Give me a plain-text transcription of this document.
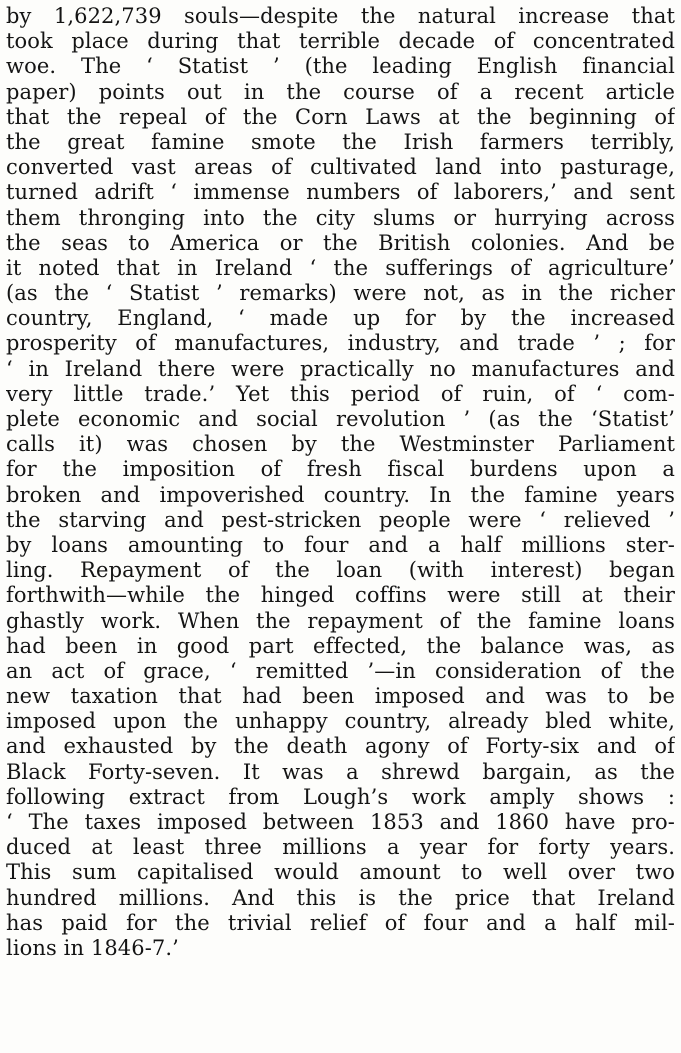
by 1,622,739 souls—despite the natural increase that
took place during that terrible decade of concentrated
woe. The ‘ Statist ’ (the leading English financial
paper) points out in the course of a recent article
that the repeal of the Corn Laws at the beginning of
the great famine smote the Irish farmers terribly,
converted vast areas of cultivated land into pasturage,
turned adrift ‘ immense numbers of laborers,’ and sent
them thronging into the city slums or hurrying across
the seas to America or the British colonies. And be
it noted that in Ireland ‘ the sufferings of agriculture’
(as the ‘ Statist ’ remarks) were not, as in the richer
country, England, ‘ made up for by the increased
prosperity of manufactures, industry, and trade ’ ; for
‘ in Ireland there were practically no manufactures and
very little trade.’ Yet this period of ruin, of ‘ com-
plete economic and social revolution ’ (as the ‘Statist’
calls it) was chosen by the Westminster Parliament
for the imposition of fresh fiscal burdens upon a
broken and impoverished country. In the famine years
the starving and pest-stricken people were ‘ relieved ’
by loans amounting to four and a half millions ster-
ling. Repayment of the loan (with interest) began
forthwith—while the hinged coffins were still at their
ghastly work. When the repayment of the famine loans
had been in good part effected, the balance was, as
an act of grace, ‘ remitted ’—in consideration of the
new taxation that had been imposed and was to be
imposed upon the unhappy country, already bled white,
and exhausted by the death agony of Forty-six and of
Black Forty-seven. It was a shrewd bargain, as the
following extract from Lough’s work amply shows :
‘ The taxes imposed between 1853 and 1860 have pro-
duced at least three millions a year for forty years.
This sum capitalised would amount to well over two
hundred millions. And this is the price that Ireland
has paid for the trivial relief of four and a half mil-
lions in 1846-7.’
